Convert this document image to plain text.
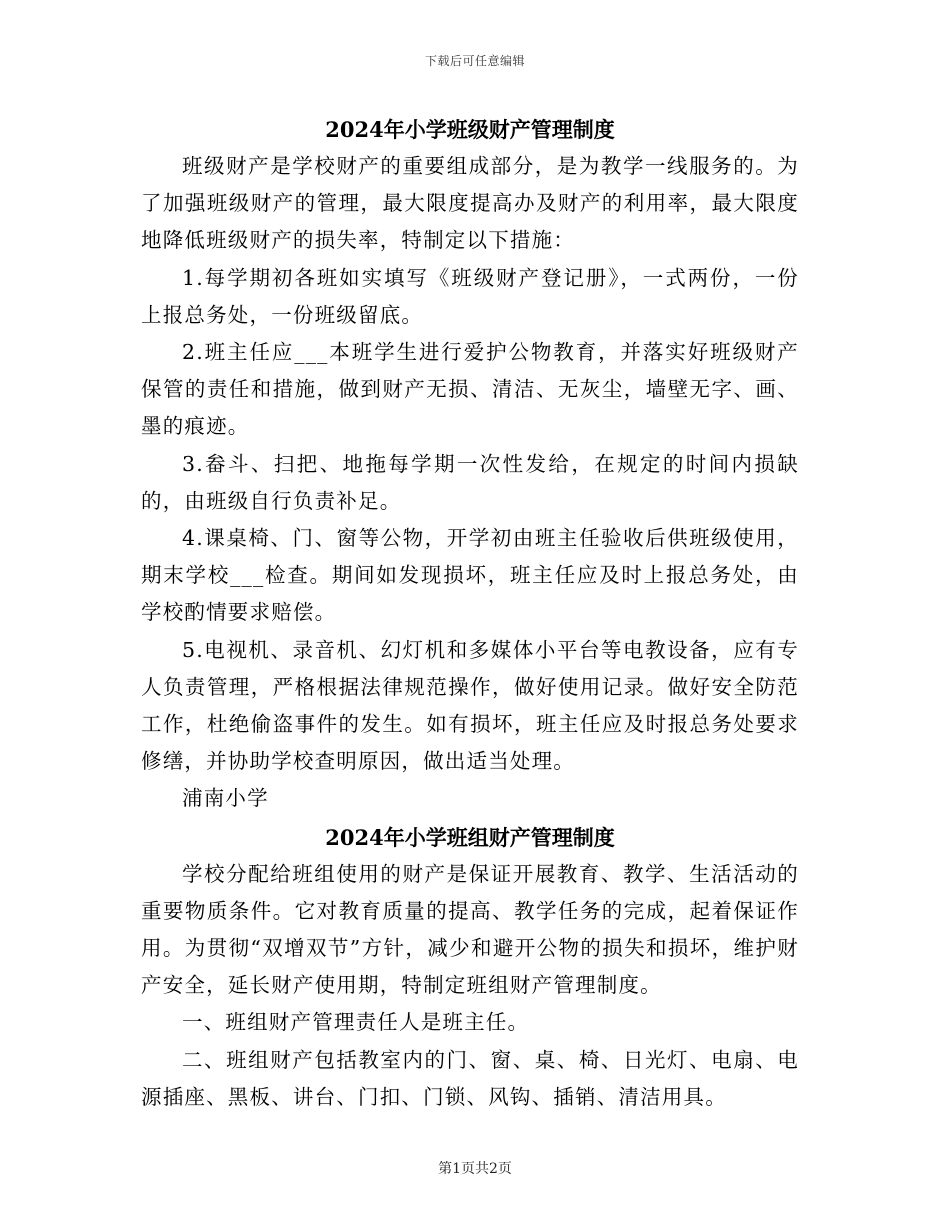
下载后可任意编辑
2024年小学班级财产管理制度

班级财产是学校财产的重要组成部分，是为教学一线服务的。为了加强班级财产的管理，最大限度提高办及财产的利用率，最大限度地降低班级财产的损失率，特制定以下措施：

1.每学期初各班如实填写《班级财产登记册》，一式两份，一份上报总务处，一份班级留底。

2.班主任应___本班学生进行爱护公物教育，并落实好班级财产保管的责任和措施，做到财产无损、清洁、无灰尘，墙壁无字、画、墨的痕迹。

3.畚斗、扫把、地拖每学期一次性发给，在规定的时间内损缺的，由班级自行负责补足。

4.课桌椅、门、窗等公物，开学初由班主任验收后供班级使用，期末学校___检查。期间如发现损坏，班主任应及时上报总务处，由学校酌情要求赔偿。

5.电视机、录音机、幻灯机和多媒体小平台等电教设备，应有专人负责管理，严格根据法律规范操作，做好使用记录。做好安全防范工作，杜绝偷盗事件的发生。如有损坏，班主任应及时报总务处要求修缮，并协助学校查明原因，做出适当处理。

浦南小学

2024年小学班组财产管理制度

学校分配给班组使用的财产是保证开展教育、教学、生活活动的重要物质条件。它对教育质量的提高、教学任务的完成，起着保证作用。为贯彻“双增双节”方针，减少和避开公物的损失和损坏，维护财产安全，延长财产使用期，特制定班组财产管理制度。

一、班组财产管理责任人是班主任。

二、班组财产包括教室内的门、窗、桌、椅、日光灯、电扇、电源插座、黑板、讲台、门扣、门锁、风钩、插销、清洁用具。

第1页共2页
